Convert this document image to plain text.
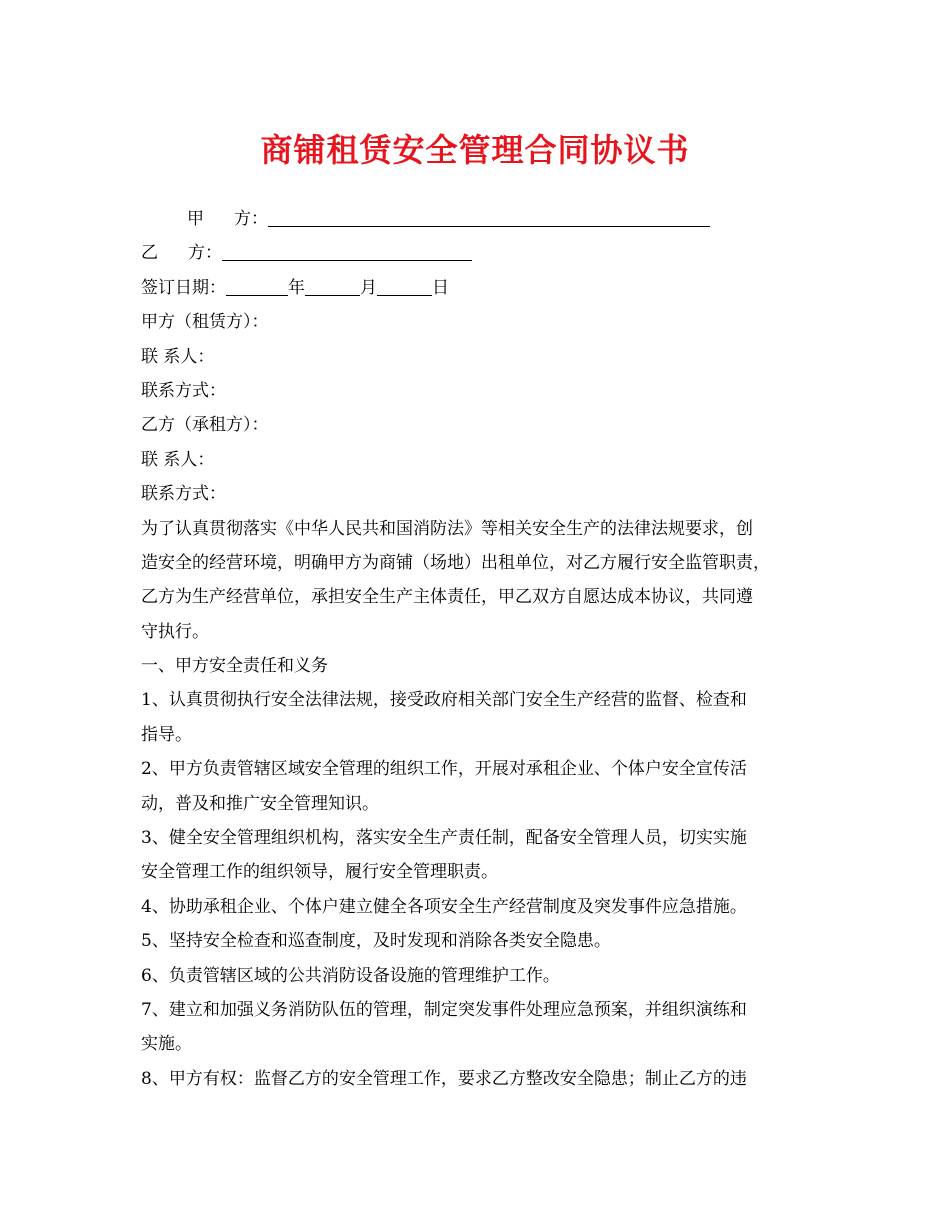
商铺租赁安全管理合同协议书
甲 方：
乙 方：
签订日期：	年	月	日
甲方（租赁方）：
联 系人：
联系方式：
乙方（承租方）：
联 系人：
联系方式：
为了认真贯彻落实《中华人民共和国消防法》等相关安全生产的法律法规要求，创
造安全的经营环境，明确甲方为商铺（场地）出租单位，对乙方履行安全监管职责，
乙方为生产经营单位，承担安全生产主体责任，甲乙双方自愿达成本协议，共同遵
守执行。
一、甲方安全责任和义务
1、认真贯彻执行安全法律法规，接受政府相关部门安全生产经营的监督、检查和
指导。
2、甲方负责管辖区域安全管理的组织工作，开展对承租企业、个体户安全宣传活
动，普及和推广安全管理知识。
3、健全安全管理组织机构，落实安全生产责任制，配备安全管理人员，切实实施
安全管理工作的组织领导，履行安全管理职责。
4、协助承租企业、个体户建立健全各项安全生产经营制度及突发事件应急措施。
5、坚持安全检查和巡查制度，及时发现和消除各类安全隐患。
6、负责管辖区域的公共消防设备设施的管理维护工作。
7、建立和加强义务消防队伍的管理，制定突发事件处理应急预案，并组织演练和
实施。
8、甲方有权：监督乙方的安全管理工作，要求乙方整改安全隐患；制止乙方的违
